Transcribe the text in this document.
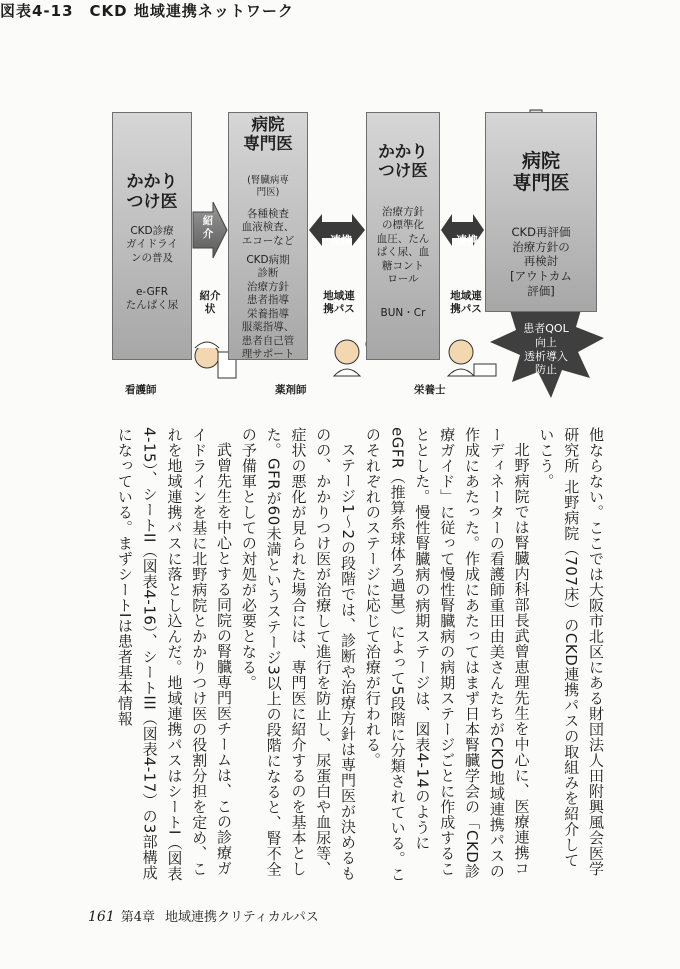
図表4-13　CKD 地域連携ネットワーク
かかり
つけ医
CKD診療
ガイドライ
ンの普及
e-GFR
たんぱく尿
病院
専門医
(腎臓病専
門医)
各種検査
血液検査、
エコーなど
CKD病期
診断
治療方針
患者指導
栄養指導
服薬指導、
患者自己管
理サポート
かかり
つけ医
治療方針
の標準化
血圧、たん
ぱく尿、血
糖コント
ロール
BUN・Cr
病院
専門医
CKD再評価
治療方針の
再検討
[アウトカム
評価]
紹
介
紹介
状
連携	連携
地域連
携パス
地域連
携パス
患者QOL
向上
透析導入
防止
看護師	薬剤師	栄養士

他ならない。ここでは大阪市北区にある財団法人田附興風会医学研究所 北野病院（707床）のCKD連携パスの取組みを紹介していこう。

北野病院では腎臓内科部長武曾恵理先生を中心に、医療連携コーディネーターの看護師重田由美さんたちがCKD地域連携パスの作成にあたった。作成にあたってはまず日本腎臓学会の「CKD診療ガイド」に従って慢性腎臓病の病期ステージごとに作成することとした。慢性腎臓病の病期ステージは、図表4-14のようにeGFR（推算糸球体ろ過量）によって5段階に分類されている。このそれぞれのステージに応じて治療が行われる。

ステージ1〜2の段階では、診断や治療方針は専門医が決めるものの、かかりつけ医が治療して進行を防止し、尿蛋白や血尿等、症状の悪化が見られた場合には、専門医に紹介するのを基本とした。GFRが60未満というステージ3以上の段階になると、腎不全の予備軍としての対処が必要となる。

武曾先生を中心とする同院の腎臓専門医チームは、この診療ガイドラインを基に北野病院とかかりつけ医の役割分担を定め、これを地域連携パスに落とし込んだ。地域連携パスはシートI（図表4-15）、シートII（図表4-16）、シートIII（図表4-17）の3部構成になっている。まずシートIは患者基本情報

161 第4章 地域連携クリティカルパス
